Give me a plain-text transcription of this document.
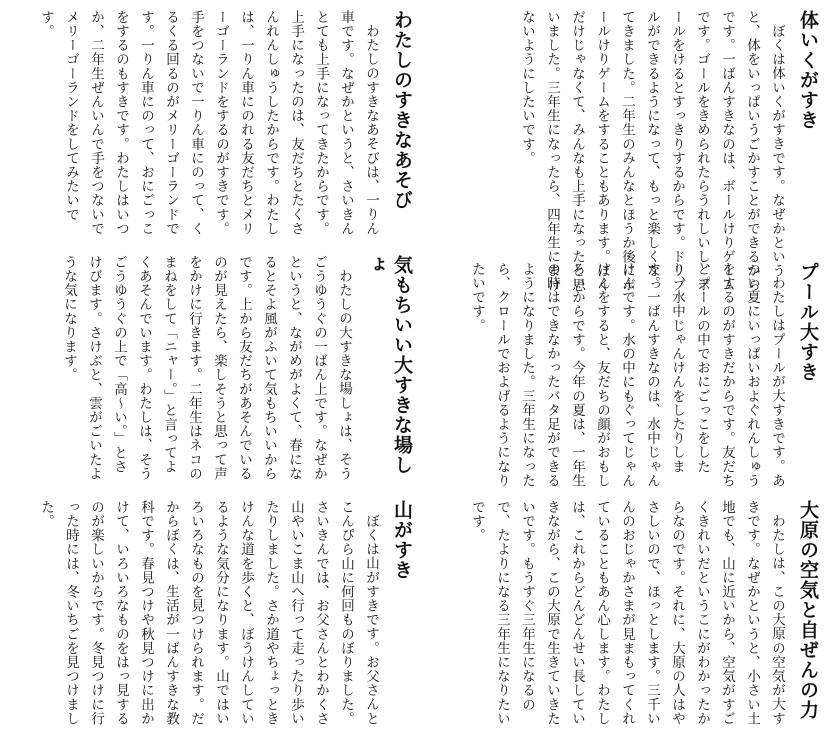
体いくがすき

ぼくは体いくがすきです。なぜかというと、体をいっぱいうごかすことができるからです。一ばんすきなのは、ボールけりゲームです。ゴールをきめられたらうれしいし、ボールをけるとすっきりするからです。ドリブルができるようになって、もっと楽しくなってきました。二年生のみんなとほうか後にボールけりゲームをすることもあります。ぼくだけじゃなくて、みんなも上手になったと思いました。三年生になったら、四年生にまけないようにしたいです。

わたしのすきなあそび

わたしのすきなあそびは、一りん車です。なぜかというと、さいきんとても上手になってきたからです。上手になったのは、友だちとたくさんれんしゅうしたからです。わたしは、一りん車にのれる友だちとメリーゴーランドをするのがすきです。手をつないで一りん車にのって、くるくる回るのがメリーゴーランドです。一りん車にのって、おにごっこをするのもすきです。わたしはいつか、二年生ぜんいんで手をつないでメリーゴーランドをしてみたいです。

プール大すき

わたしはプールが大すきです。あつい夏にいっぱいおよぐれんしゅうをするのがすきだからです。友だちとプールの中でおにごっこをしたり、水中じゃんけんをしたりします。一ばんすきなのは、水中じゃんけんです。水の中にもぐってじゃんけんをすると、友だちの顔がおもしろいからです。今年の夏は、一年生の時はできなかったバタ足ができるようになりました。三年生になったら、クロールでおよげるようになりたいです。

気もちいい大すきな場しょ

わたしの大すきな場しょは、そうごうゆうぐの一ばん上です。なぜかというと、ながめがよくて、春になるとそよ風がふいて気もちいいからです。上から友だちがあそんでいるのが見えたら、楽しそうと思って声をかけに行きます。二年生はネコのまねをして「ニャー。」と言ってよくあそんでいます。わたしは、そうごうゆうぐの上で「高〜い。」とさけびます。さけぶと、雲がごいたような気になります。

大原の空気と自ぜんの力

わたしは、この大原の空気が大すきです。なぜかというと、小さい土地でも、山に近いから、空気がすごくきれいだというこにがわかったからなのです。それに、大原の人はやさしいので、ほっとします。三千いんのおじゃかさまが見まもってくれていることもあん心します。わたしは、これからどんどんせい長していきながら、この大原で生きていきたいです。もうすぐ三年生になるので、たよりになる三年生になりたいです。

山がすき

ぼくは山がすきです。お父さんとこんぴら山に何回ものぼりました。さいきんでは、お父さんとわかくさ山やいこま山へ行って走ったり歩いたりしました。さか道やちょっときけんな道を歩くと、ぼうけんしているような気分になります。山ではいろいろなものを見つけられます。だからぼくは、生活が一ばんすきな教科です。春見つけや秋見つけに出かけて、いろいろなものをはっ見するのが楽しいからです。冬見つけに行った時には、冬いちごを見つけました。
